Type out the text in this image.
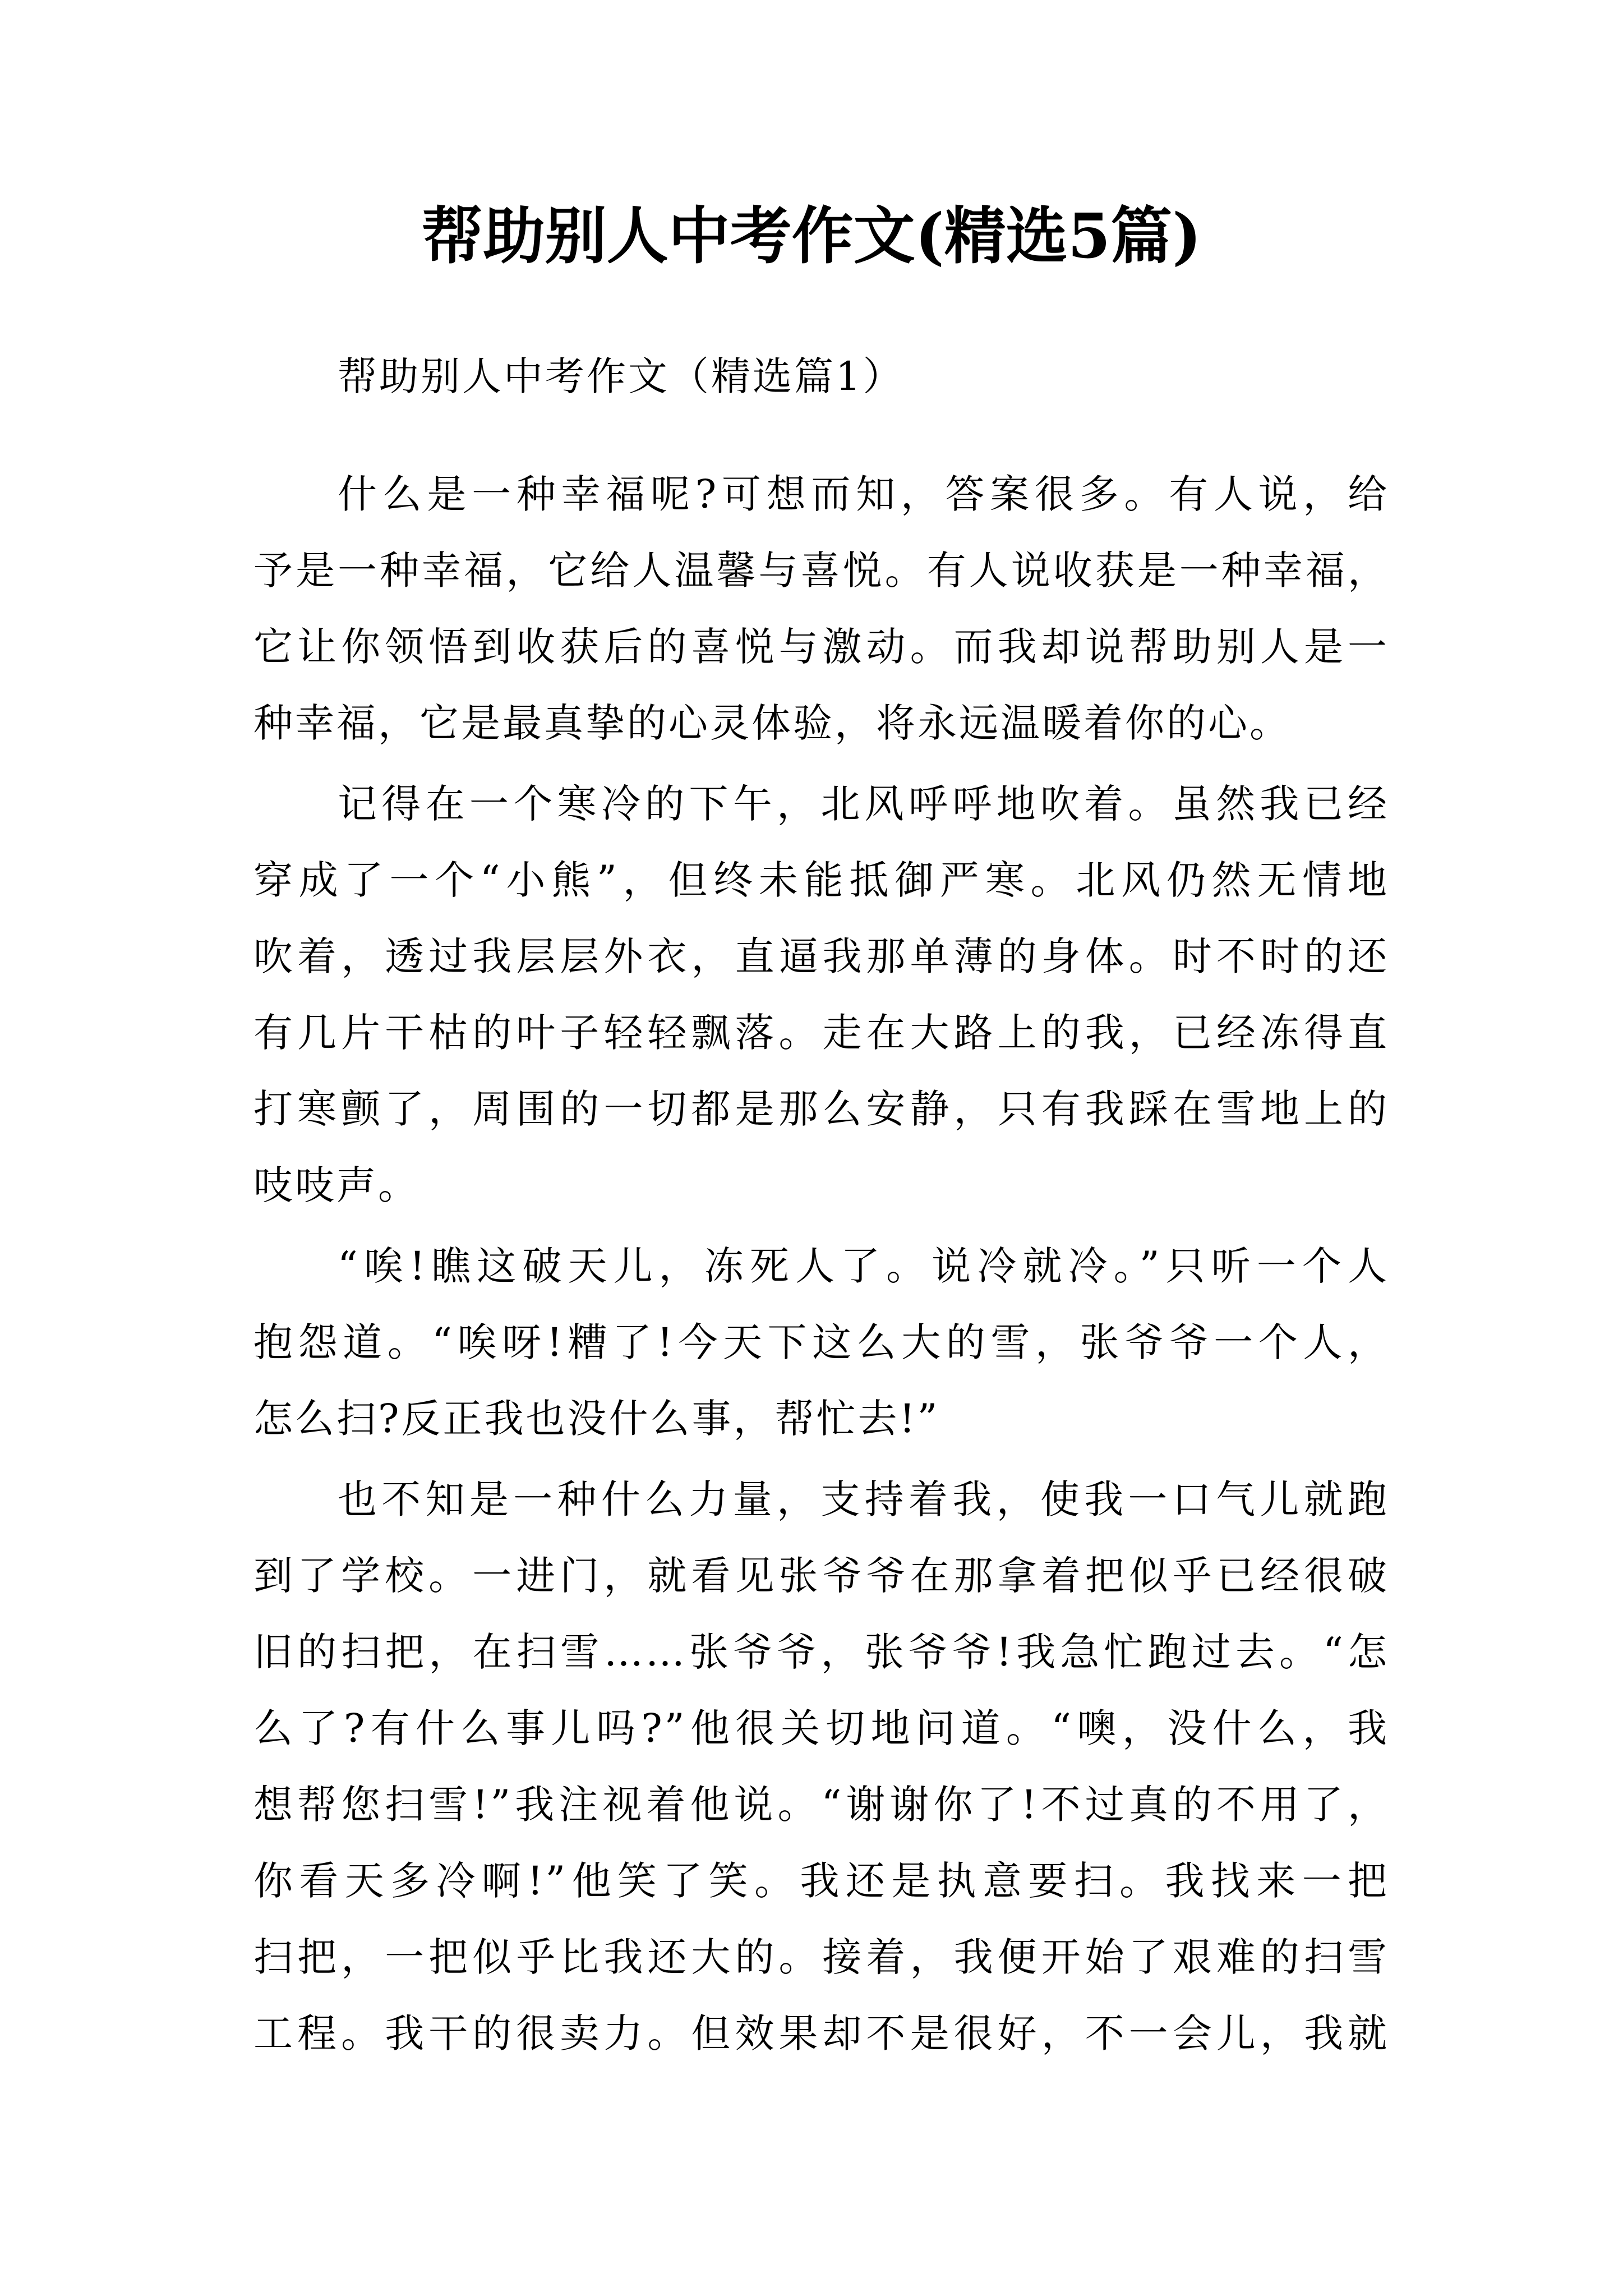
帮助别人中考作文(精选5篇)
帮助别人中考作文（精选篇1）
什么是一种幸福呢?可想而知，答案很多。有人说，给
予是一种幸福，它给人温馨与喜悦。有人说收获是一种幸福，
它让你领悟到收获后的喜悦与激动。而我却说帮助别人是一
种幸福，它是最真挚的心灵体验，将永远温暖着你的心。
记得在一个寒冷的下午，北风呼呼地吹着。虽然我已经
穿成了一个“小熊”，但终未能抵御严寒。北风仍然无情地
吹着，透过我层层外衣，直逼我那单薄的身体。时不时的还
有几片干枯的叶子轻轻飘落。走在大路上的我，已经冻得直
打寒颤了，周围的一切都是那么安静，只有我踩在雪地上的
吱吱声。
“唉!瞧这破天儿，冻死人了。说冷就冷。”只听一个人
抱怨道。“唉呀!糟了!今天下这么大的雪，张爷爷一个人，
怎么扫?反正我也没什么事，帮忙去!”
也不知是一种什么力量，支持着我，使我一口气儿就跑
到了学校。一进门，就看见张爷爷在那拿着把似乎已经很破
旧的扫把，在扫雪……张爷爷，张爷爷!我急忙跑过去。“怎
么了?有什么事儿吗?”他很关切地问道。“噢，没什么，我
想帮您扫雪!”我注视着他说。“谢谢你了!不过真的不用了，
你看天多冷啊!”他笑了笑。我还是执意要扫。我找来一把
扫把，一把似乎比我还大的。接着，我便开始了艰难的扫雪
工程。我干的很卖力。但效果却不是很好，不一会儿，我就
